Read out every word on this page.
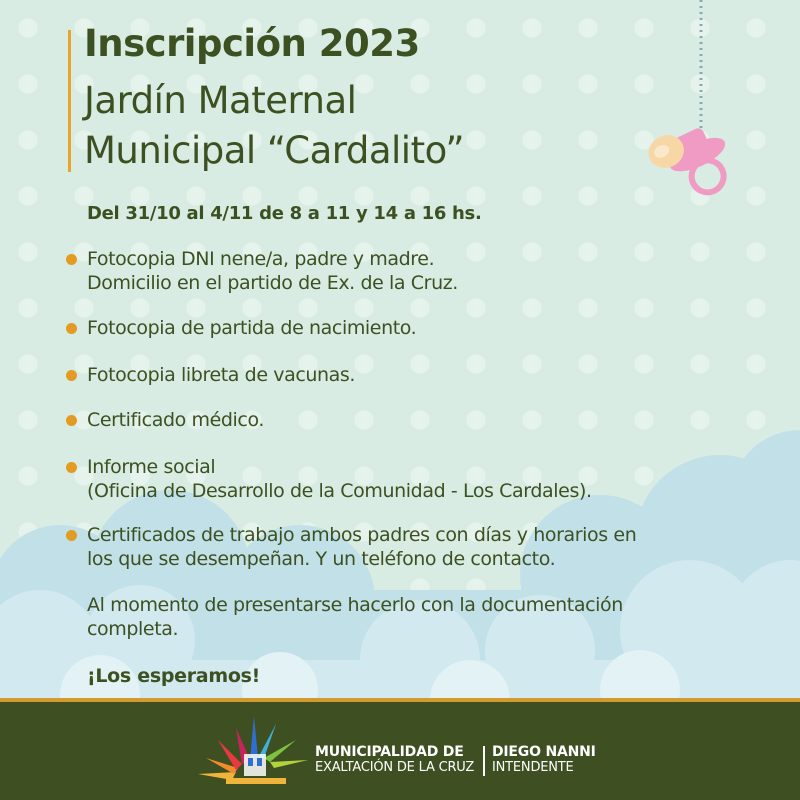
Inscripción 2023
Jardín Maternal
Municipal “Cardalito”
Del 31/10 al 4/11 de 8 a 11 y 14 a 16 hs.
Fotocopia DNI nene/a, padre y madre.
Domicilio en el partido de Ex. de la Cruz.
Fotocopia de partida de nacimiento.
Fotocopia libreta de vacunas.
Certificado médico.
Informe social
(Oficina de Desarrollo de la Comunidad - Los Cardales).
Certificados de trabajo ambos padres con días y horarios en
los que se desempeñan. Y un teléfono de contacto.
Al momento de presentarse hacerlo con la documentación
completa.
¡Los esperamos!
MUNICIPALIDAD DE
EXALTACIÓN DE LA CRUZ
DIEGO NANNI
INTENDENTE
